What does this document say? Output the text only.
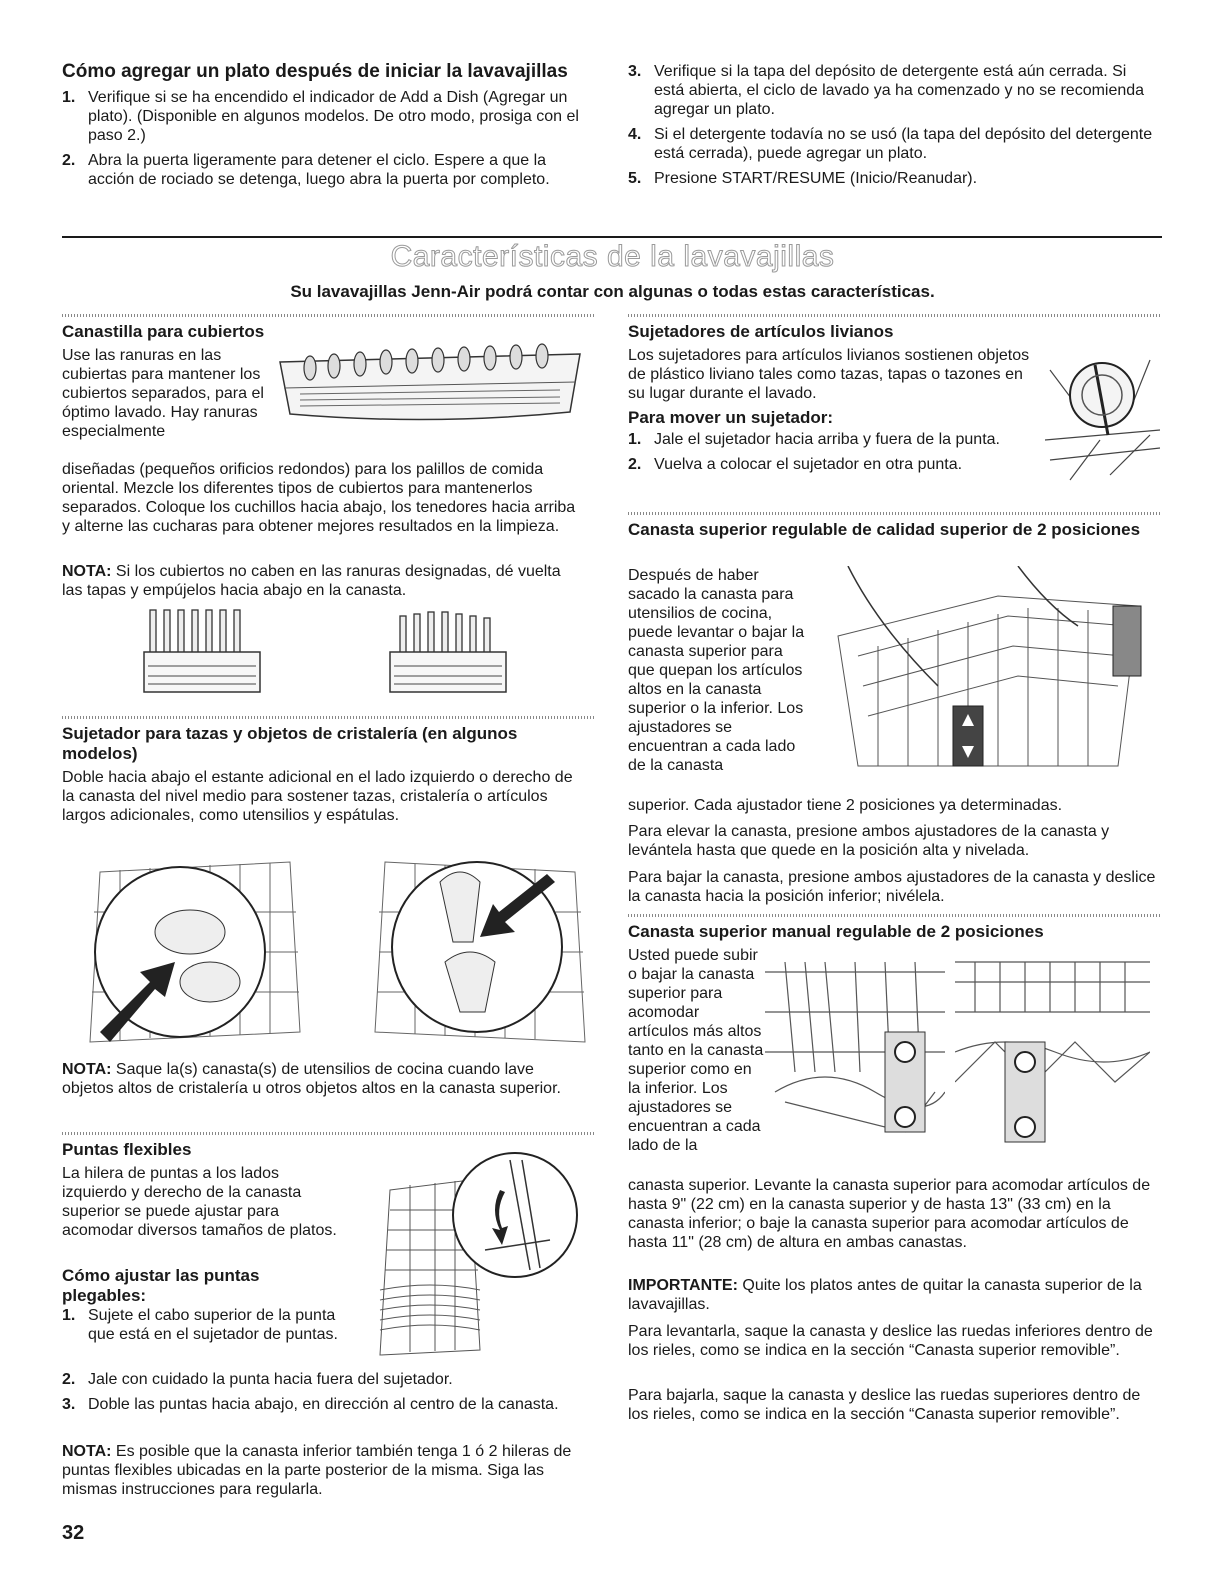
Cómo agregar un plato después de iniciar la lavavajillas
1. Verifique si se ha encendido el indicador de Add a Dish (Agregar un plato). (Disponible en algunos modelos. De otro modo, prosiga con el paso 2.)
2. Abra la puerta ligeramente para detener el ciclo. Espere a que la acción de rociado se detenga, luego abra la puerta por completo.
3. Verifique si la tapa del depósito de detergente está aún cerrada. Si está abierta, el ciclo de lavado ya ha comenzado y no se recomienda agregar un plato.
4. Si el detergente todavía no se usó (la tapa del depósito del detergente está cerrada), puede agregar un plato.
5. Presione START/RESUME (Inicio/Reanudar).
Características de la lavavajillas
Su lavavajillas Jenn-Air podrá contar con algunas o todas estas características.
Canastilla para cubiertos
Use las ranuras en las cubiertas para mantener los cubiertos separados, para el óptimo lavado. Hay ranuras especialmente
diseñadas (pequeños orificios redondos) para los palillos de comida oriental. Mezcle los diferentes tipos de cubiertos para mantenerlos separados. Coloque los cuchillos hacia abajo, los tenedores hacia arriba y alterne las cucharas para obtener mejores resultados en la limpieza.
NOTA: Si los cubiertos no caben en las ranuras designadas, dé vuelta las tapas y empújelos hacia abajo en la canasta.
Sujetador para tazas y objetos de cristalería (en algunos modelos)
Doble hacia abajo el estante adicional en el lado izquierdo o derecho de la canasta del nivel medio para sostener tazas, cristalería o artículos largos adicionales, como utensilios y espátulas.
NOTA: Saque la(s) canasta(s) de utensilios de cocina cuando lave objetos altos de cristalería u otros objetos altos en la canasta superior.
Puntas flexibles
La hilera de puntas a los lados izquierdo y derecho de la canasta superior se puede ajustar para acomodar diversos tamaños de platos.
Cómo ajustar las puntas plegables:
1. Sujete el cabo superior de la punta que está en el sujetador de puntas.
2. Jale con cuidado la punta hacia fuera del sujetador.
3. Doble las puntas hacia abajo, en dirección al centro de la canasta.
NOTA: Es posible que la canasta inferior también tenga 1 ó 2 hileras de puntas flexibles ubicadas en la parte posterior de la misma. Siga las mismas instrucciones para regularla.
32
Sujetadores de artículos livianos
Los sujetadores para artículos livianos sostienen objetos de plástico liviano tales como tazas, tapas o tazones en su lugar durante el lavado.
Para mover un sujetador:
1. Jale el sujetador hacia arriba y fuera de la punta.
2. Vuelva a colocar el sujetador en otra punta.
Canasta superior regulable de calidad superior de 2 posiciones
Después de haber sacado la canasta para utensilios de cocina, puede levantar o bajar la canasta superior para que quepan los artículos altos en la canasta superior o la inferior. Los ajustadores se encuentran a cada lado de la canasta
superior. Cada ajustador tiene 2 posiciones ya determinadas.
Para elevar la canasta, presione ambos ajustadores de la canasta y levántela hasta que quede en la posición alta y nivelada.
Para bajar la canasta, presione ambos ajustadores de la canasta y deslice la canasta hacia la posición inferior; nivélela.
Canasta superior manual regulable de 2 posiciones
Usted puede subir o bajar la canasta superior para acomodar artículos más altos tanto en la canasta superior como en la inferior. Los ajustadores se encuentran a cada lado de la
canasta superior. Levante la canasta superior para acomodar artículos de hasta 9" (22 cm) en la canasta superior y de hasta 13" (33 cm) en la canasta inferior; o baje la canasta superior para acomodar artículos de hasta 11" (28 cm) de altura en ambas canastas.
IMPORTANTE: Quite los platos antes de quitar la canasta superior de la lavavajillas.
Para levantarla, saque la canasta y deslice las ruedas inferiores dentro de los rieles, como se indica en la sección “Canasta superior removible”.
Para bajarla, saque la canasta y deslice las ruedas superiores dentro de los rieles, como se indica en la sección “Canasta superior removible”.
